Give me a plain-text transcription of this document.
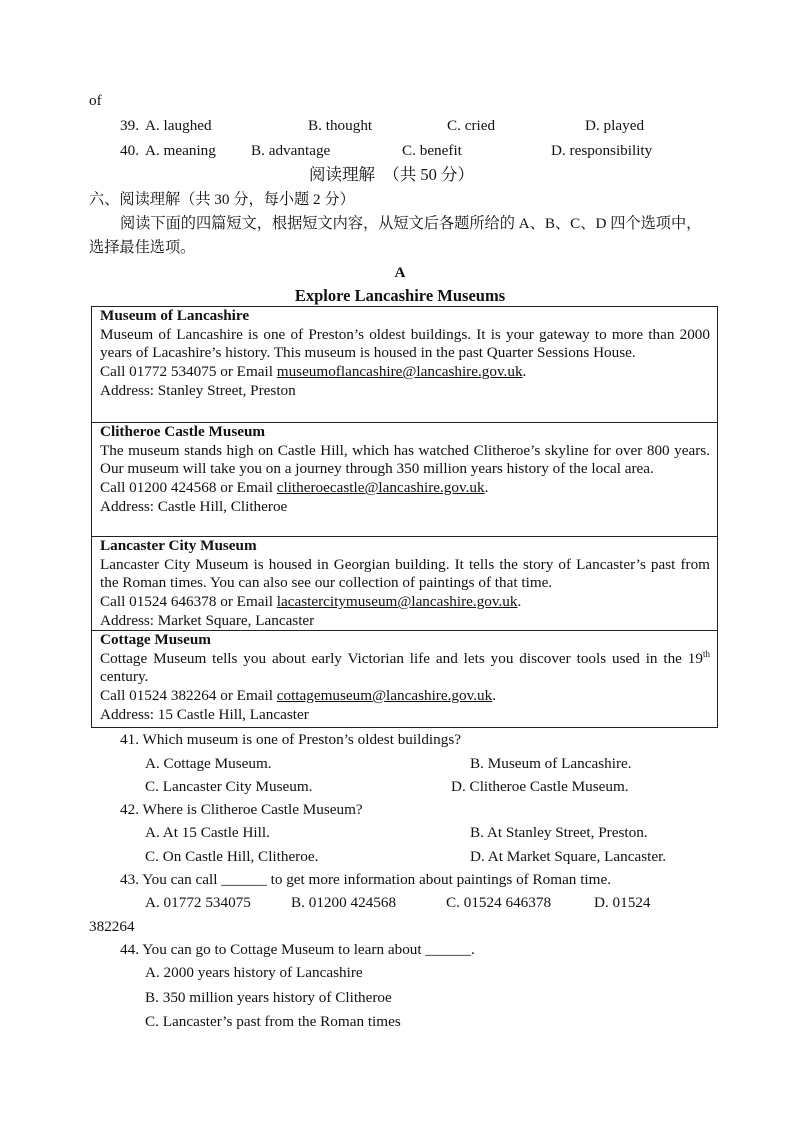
of
39. A. laughed	B. thought	C. cried	D. played
40. A. meaning B. advantage	C. benefit	D. responsibility
阅读理解　（共 50 分）
六、阅读理解（共 30 分，每小题 2 分）
阅读下面的四篇短文，根据短文内容，从短文后各题所给的 A、B、C、D 四个选项中，
选择最佳选项。
A
Explore Lancashire Museums
Museum of Lancashire
Museum of Lancashire is one of Preston’s oldest buildings. It is your gateway to more than 2000 years of Lacashire’s history. This museum is housed in the past Quarter Sessions House.
Call 01772 534075 or Email museumoflancashire@lancashire.gov.uk.
Address: Stanley Street, Preston
Clitheroe Castle Museum
The museum stands high on Castle Hill, which has watched Clitheroe’s skyline for over 800 years. Our museum will take you on a journey through 350 million years history of the local area.
Call 01200 424568 or Email clitheroecastle@lancashire.gov.uk.
Address: Castle Hill, Clitheroe
Lancaster City Museum
Lancaster City Museum is housed in Georgian building. It tells the story of Lancaster’s past from the Roman times. You can also see our collection of paintings of that time.
Call 01524 646378 or Email lacastercitymuseum@lancashire.gov.uk.
Address: Market Square, Lancaster
Cottage Museum
Cottage Museum tells you about early Victorian life and lets you discover tools used in the 19th century.
Call 01524 382264 or Email cottagemuseum@lancashire.gov.uk.
Address: 15 Castle Hill, Lancaster
41. Which museum is one of Preston’s oldest buildings?
A. Cottage Museum.	B. Museum of Lancashire.
C. Lancaster City Museum.	D. Clitheroe Castle Museum.
42. Where is Clitheroe Castle Museum?
A. At 15 Castle Hill.	B. At Stanley Street, Preston.
C. On Castle Hill, Clitheroe.	D. At Market Square, Lancaster.
43. You can call ______ to get more information about paintings of Roman time.
A. 01772 534075	B. 01200 424568	C. 01524 646378	D. 01524
382264
44. You can go to Cottage Museum to learn about ______.
A. 2000 years history of Lancashire
B. 350 million years history of Clitheroe
C. Lancaster’s past from the Roman times
